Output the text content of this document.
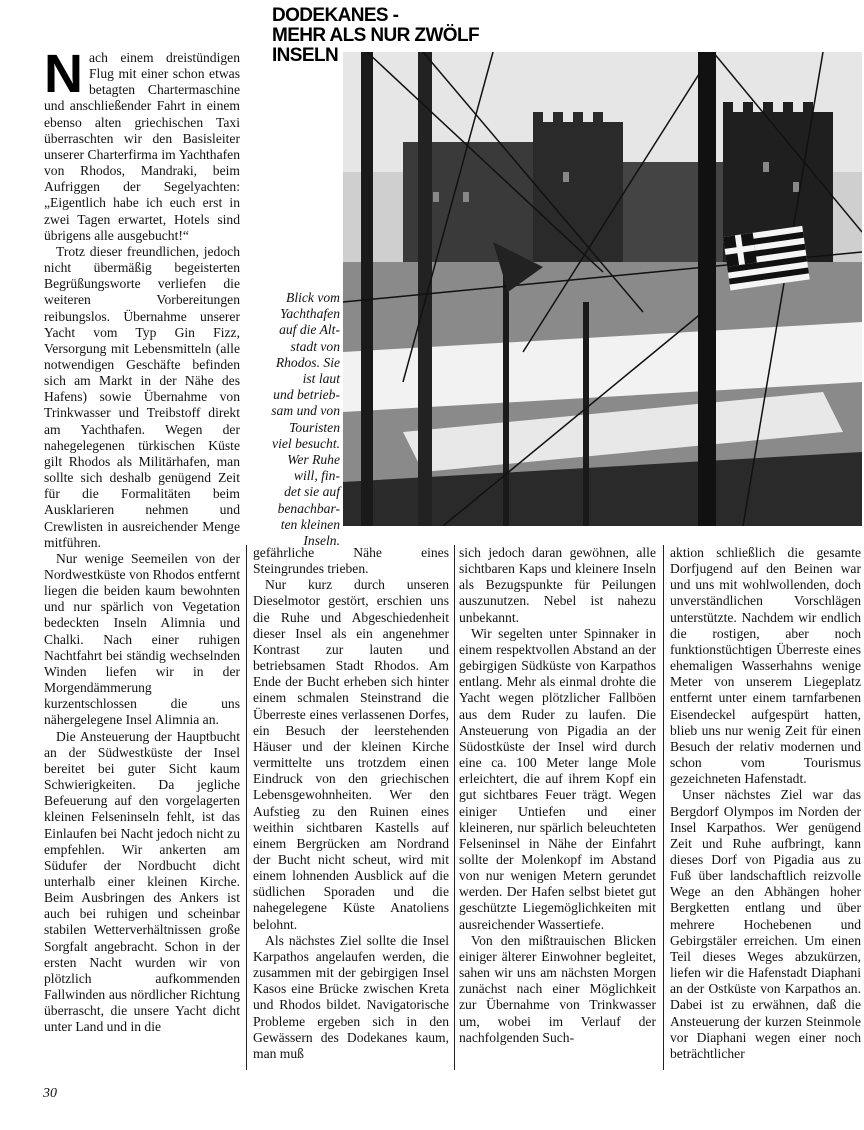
DODEKANES -
MEHR ALS NUR ZWÖLF
INSELN
Blick vom
Yachthafen
auf die Alt-
stadt von
Rhodos. Sie
ist laut
und betrieb-
sam und von
Touristen
viel besucht.
Wer Ruhe
will, fin-
det sie auf
benachbar-
ten kleinen
Inseln.

Nach einem dreistündigen Flug mit einer schon etwas betagten Chartermaschine und anschließender Fahrt in einem ebenso alten griechischen Taxi überraschten wir den Basisleiter unserer Charterfirma im Yachthafen von Rhodos, Mandraki, beim Aufriggen der Segelyachten: „Eigentlich habe ich euch erst in zwei Tagen erwartet, Hotels sind übrigens alle ausgebucht!“

Trotz dieser freundlichen, jedoch nicht übermäßig begeisterten Begrüßungsworte verliefen die weiteren Vorbereitungen reibungslos. Übernahme unserer Yacht vom Typ Gin Fizz, Versorgung mit Lebensmitteln (alle notwendigen Geschäfte befinden sich am Markt in der Nähe des Hafens) sowie Übernahme von Trinkwasser und Treibstoff direkt am Yachthafen. Wegen der nahegelegenen türkischen Küste gilt Rhodos als Militärhafen, man sollte sich deshalb genügend Zeit für die Formalitäten beim Ausklarieren nehmen und Crewlisten in ausreichender Menge mitführen.

Nur wenige Seemeilen von der Nordwestküste von Rhodos entfernt liegen die beiden kaum bewohnten und nur spärlich von Vegetation bedeckten Inseln Alimnia und Chalki. Nach einer ruhigen Nachtfahrt bei ständig wechselnden Winden liefen wir in der Morgendämmerung kurzentschlossen die uns nähergelegene Insel Alimnia an.

Die Ansteuerung der Hauptbucht an der Südwestküste der Insel bereitet bei guter Sicht kaum Schwierigkeiten. Da jegliche Befeuerung auf den vorgelagerten kleinen Felseninseln fehlt, ist das Einlaufen bei Nacht jedoch nicht zu empfehlen. Wir ankerten am Südufer der Nordbucht dicht unterhalb einer kleinen Kirche. Beim Ausbringen des Ankers ist auch bei ruhigen und scheinbar stabilen Wetterverhältnissen große Sorgfalt angebracht. Schon in der ersten Nacht wurden wir von plötzlich aufkommenden Fallwinden aus nördlicher Richtung überrascht, die unsere Yacht dicht unter Land und in die

gefährliche Nähe eines Steingrundes trieben.

Nur kurz durch unseren Dieselmotor gestört, erschien uns die Ruhe und Abgeschiedenheit dieser Insel als ein angenehmer Kontrast zur lauten und betriebsamen Stadt Rhodos. Am Ende der Bucht erheben sich hinter einem schmalen Steinstrand die Überreste eines verlassenen Dorfes, ein Besuch der leerstehenden Häuser und der kleinen Kirche vermittelte uns trotzdem einen Eindruck von den griechischen Lebensgewohnheiten. Wer den Aufstieg zu den Ruinen eines weithin sichtbaren Kastells auf einem Bergrücken am Nordrand der Bucht nicht scheut, wird mit einem lohnenden Ausblick auf die südlichen Sporaden und die nahegelegene Küste Anatoliens belohnt.

Als nächstes Ziel sollte die Insel Karpathos angelaufen werden, die zusammen mit der gebirgigen Insel Kasos eine Brücke zwischen Kreta und Rhodos bildet. Navigatorische Probleme ergeben sich in den Gewässern des Dodekanes kaum, man muß

sich jedoch daran gewöhnen, alle sichtbaren Kaps und kleinere Inseln als Bezugspunkte für Peilungen auszunutzen. Nebel ist nahezu unbekannt.

Wir segelten unter Spinnaker in einem respektvollen Abstand an der gebirgigen Südküste von Karpathos entlang. Mehr als einmal drohte die Yacht wegen plötzlicher Fallböen aus dem Ruder zu laufen. Die Ansteuerung von Pigadia an der Südostküste der Insel wird durch eine ca. 100 Meter lange Mole erleichtert, die auf ihrem Kopf ein gut sichtbares Feuer trägt. Wegen einiger Untiefen und einer kleineren, nur spärlich beleuchteten Felseninsel in Nähe der Einfahrt sollte der Molenkopf im Abstand von nur wenigen Metern gerundet werden. Der Hafen selbst bietet gut geschützte Liegemöglichkeiten mit ausreichender Wassertiefe.

Von den mißtrauischen Blicken einiger älterer Einwohner begleitet, sahen wir uns am nächsten Morgen zunächst nach einer Möglichkeit zur Übernahme von Trinkwasser um, wobei im Verlauf der nachfolgenden Such-

aktion schließlich die gesamte Dorfjugend auf den Beinen war und uns mit wohlwollenden, doch unverständlichen Vorschlägen unterstützte. Nachdem wir endlich die rostigen, aber noch funktionstüchtigen Überreste eines ehemaligen Wasserhahns wenige Meter von unserem Liegeplatz entfernt unter einem tarnfarbenen Eisendeckel aufgespürt hatten, blieb uns nur wenig Zeit für einen Besuch der relativ modernen und schon vom Tourismus gezeichneten Hafenstadt.

Unser nächstes Ziel war das Bergdorf Olympos im Norden der Insel Karpathos. Wer genügend Zeit und Ruhe aufbringt, kann dieses Dorf von Pigadia aus zu Fuß über landschaftlich reizvolle Wege an den Abhängen hoher Bergketten entlang und über mehrere Hochebenen und Gebirgstäler erreichen. Um einen Teil dieses Weges abzukürzen, liefen wir die Hafenstadt Diaphani an der Ostküste von Karpathos an. Dabei ist zu erwähnen, daß die Ansteuerung der kurzen Steinmole vor Diaphani wegen einer noch beträchtlicher

30
